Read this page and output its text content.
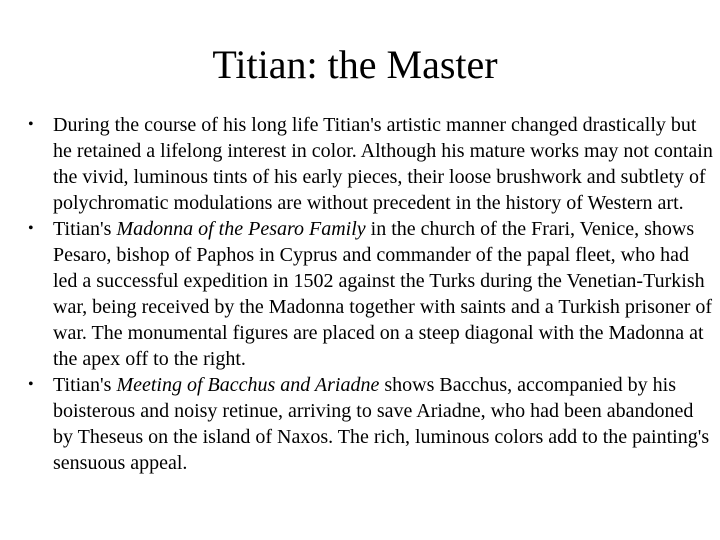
Titian: the Master
• During the course of his long life Titian's artistic manner changed drastically but he retained a lifelong interest in color. Although his mature works may not contain the vivid, luminous tints of his early pieces, their loose brushwork and subtlety of polychromatic modulations are without precedent in the history of Western art.
• Titian's Madonna of the Pesaro Family in the church of the Frari, Venice, shows Pesaro, bishop of Paphos in Cyprus and commander of the papal fleet, who had led a successful expedition in 1502 against the Turks during the Venetian-Turkish war, being received by the Madonna together with saints and a Turkish prisoner of war. The monumental figures are placed on a steep diagonal with the Madonna at the apex off to the right.
• Titian's Meeting of Bacchus and Ariadne shows Bacchus, accompanied by his boisterous and noisy retinue, arriving to save Ariadne, who had been abandoned by Theseus on the island of Naxos. The rich, luminous colors add to the painting's sensuous appeal.
